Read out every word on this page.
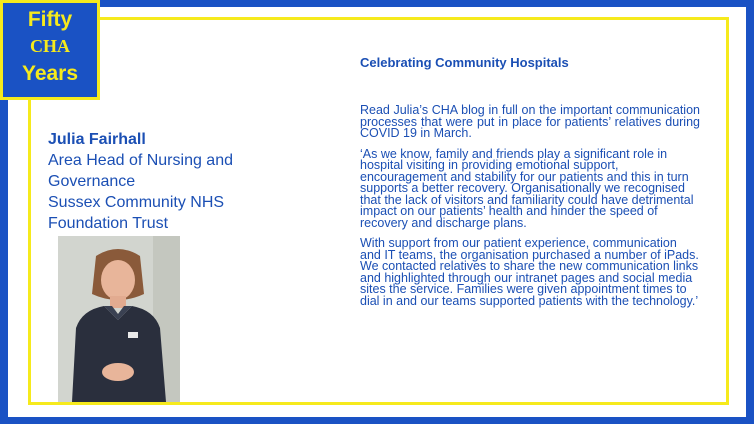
Julia Fairhall
Area Head of Nursing and
Governance
Sussex Community NHS
Foundation Trust
Celebrating Community Hospitals

Read Julia’s CHA blog in full on the important communication processes that were put in place for patients’ relatives during COVID 19 in March.

‘As we know, family and friends play a significant role in hospital visiting in providing emotional support, encouragement and stability for our patients and this in turn supports a better recovery. Organisationally we recognised that the lack of visitors and familiarity could have detrimental impact on our patients’ health and hinder the speed of recovery and discharge plans.

With support from our patient experience, communication and IT teams, the organisation purchased a number of iPads. We contacted relatives to share the new communication links and highlighted through our intranet pages and social media sites the service. Families were given appointment times to dial in and our teams supported patients with the technology.’

Fifty
CHA
Years
